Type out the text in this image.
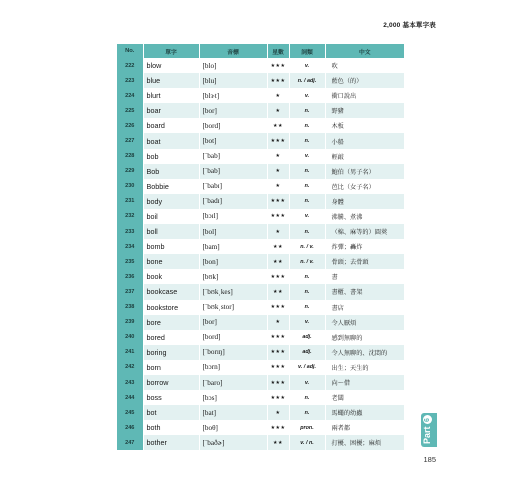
2,000 基本單字表
No.	單字	音標	星數	詞類	中文
222	blow	[blo]	★★★	v.	吹
223	blue	[blu]	★★★	n. / adj.	藍色（的）
224	blurt	[blɝt]	★	v.	衝口說出
225	boar	[bor]	★	n.	野豬
226	board	[bord]	★★	n.	木板
227	boat	[bot]	★★★	n.	小船
228	bob	[ˋbab]	★	v.	輕敲
229	Bob	[ˋbab]	★	n.	鮑伯（男子名）
230	Bobbie	[ˋbabɪ]	★	n.	芭比（女子名）
231	body	[ˋbadɪ]	★★★	n.	身體
232	boil	[bɔɪl]	★★★	v.	沸騰、煮沸
233	boll	[bol]	★	n.	（棉、麻等的）圓莢
234	bomb	[bam]	★★	n. / v.	炸彈；轟炸
235	bone	[bon]	★★	n. / v.	骨頭；去骨頭
236	book	[bʊk]	★★★	n.	書
237	bookcase	[ˋbʊk͵kes]	★★	n.	書櫃、書架
238	bookstore	[ˋbʊk͵stor]	★★★	n.	書店
239	bore	[bor]	★	v.	令人厭煩
240	bored	[bord]	★★★	adj.	感到無聊的
241	boring	[ˋborɪŋ]	★★★	adj.	令人無聊的、沈悶的
242	born	[bɔrn]	★★★	v. / adj.	出生；天生的
243	borrow	[ˋbaro]	★★★	v.	向～借
244	boss	[bɔs]	★★★	n.	老闆
245	bot	[bat]	★	n.	馬蠅的幼蟲
246	both	[boθ]	★★★	pron.	兩者都
247	bother	[ˋbaðɚ]	★★	v. / n.	打擾、困擾；麻煩	Part
6
185
